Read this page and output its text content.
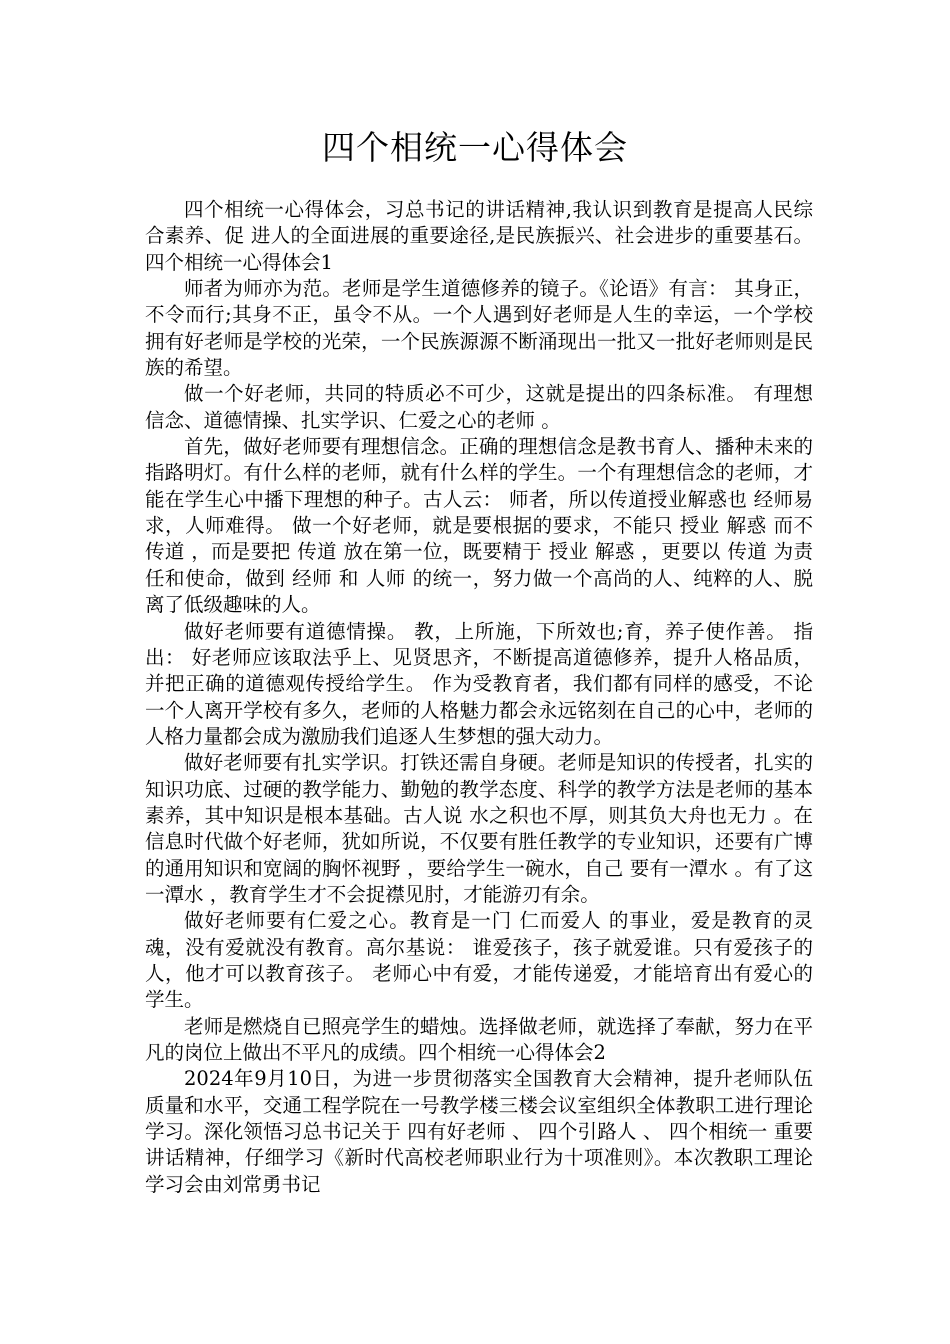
四个相统一心得体会

四个相统一心得体会，习总书记的讲话精神,我认识到教育是提高人民综合素养、促 进人的全面进展的重要途径,是民族振兴、社会进步的重要基石。四个相统一心得体会1

师者为师亦为范。老师是学生道德修养的镜子。《论语》有言： 其身正，不令而行;其身不正，虽令不从。一个人遇到好老师是人生的幸运，一个学校拥有好老师是学校的光荣，一个民族源源不断涌现出一批又一批好老师则是民族的希望。

做一个好老师，共同的特质必不可少，这就是提出的四条标准。 有理想信念、道德情操、扎实学识、仁爱之心的老师 。

首先，做好老师要有理想信念。正确的理想信念是教书育人、播种未来的指路明灯。有什么样的老师，就有什么样的学生。一个有理想信念的老师，才能在学生心中播下理想的种子。古人云： 师者，所以传道授业解惑也 经师易求，人师难得。 做一个好老师，就是要根据的要求，不能只 授业 解惑 而不 传道 ，而是要把 传道 放在第一位，既要精于 授业 解惑 ，更要以 传道 为责任和使命，做到 经师 和 人师 的统一，努力做一个高尚的人、纯粹的人、脱离了低级趣味的人。

做好老师要有道德情操。 教，上所施，下所效也;育，养子使作善。 指出： 好老师应该取法乎上、见贤思齐，不断提高道德修养，提升人格品质，并把正确的道德观传授给学生。 作为受教育者，我们都有同样的感受，不论一个人离开学校有多久，老师的人格魅力都会永远铭刻在自己的心中，老师的人格力量都会成为激励我们追逐人生梦想的强大动力。

做好老师要有扎实学识。打铁还需自身硬。老师是知识的传授者，扎实的知识功底、过硬的教学能力、勤勉的教学态度、科学的教学方法是老师的基本素养，其中知识是根本基础。古人说 水之积也不厚，则其负大舟也无力 。在信息时代做个好老师，犹如所说，不仅要有胜任教学的专业知识，还要有广博的通用知识和宽阔的胸怀视野 ，要给学生一碗水，自己 要有一潭水 。有了这 一潭水 ，教育学生才不会捉襟见肘，才能游刃有余。

做好老师要有仁爱之心。教育是一门 仁而爱人 的事业，爱是教育的灵魂，没有爱就没有教育。高尔基说： 谁爱孩子，孩子就爱谁。只有爱孩子的人，他才可以教育孩子。 老师心中有爱，才能传递爱，才能培育出有爱心的学生。

老师是燃烧自已照亮学生的蜡烛。选择做老师，就选择了奉献，努力在平凡的岗位上做出不平凡的成绩。四个相统一心得体会2

2024年9月10日，为进一步贯彻落实全国教育大会精神，提升老师队伍质量和水平，交通工程学院在一号教学楼三楼会议室组织全体教职工进行理论学习。深化领悟习总书记关于 四有好老师 、 四个引路人 、 四个相统一 重要讲话精神，仔细学习《新时代高校老师职业行为十项准则》。本次教职工理论学习会由刘常勇书记
